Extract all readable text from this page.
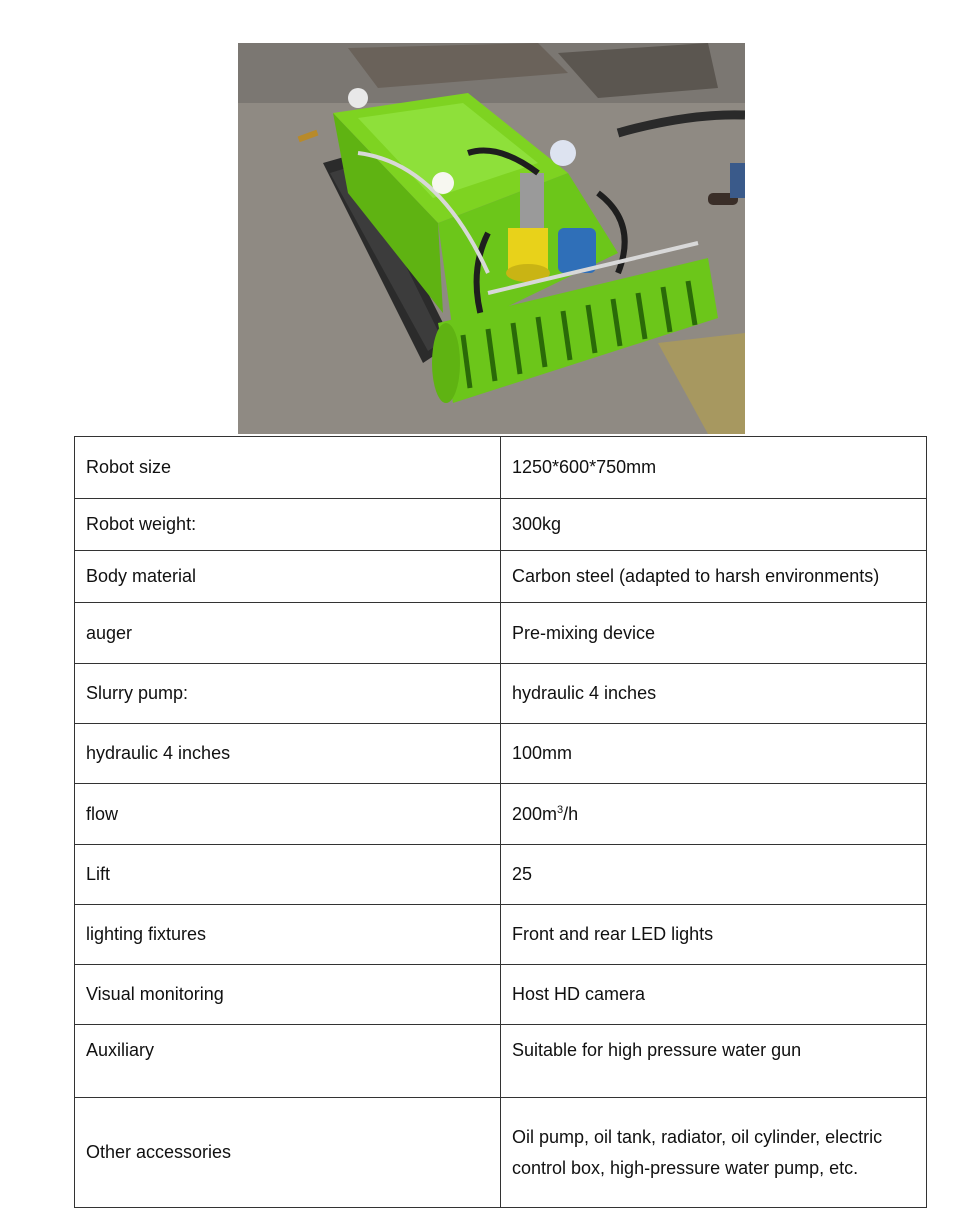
Robot size	1250*600*750mm
Robot weight:	300kg
Body material	Carbon steel (adapted to harsh environments)
auger	Pre-mixing device
Slurry pump:	hydraulic 4 inches
hydraulic 4 inches	100mm
flow	$200m^3/h$
Lift	25
lighting fixtures	Front and rear LED lights
Visual monitoring	Host HD camera
Auxiliary	Suitable for high pressure water gun
Other accessories	Oil pump, oil tank, radiator, oil cylinder, electric control box, high-pressure water pump, etc.
